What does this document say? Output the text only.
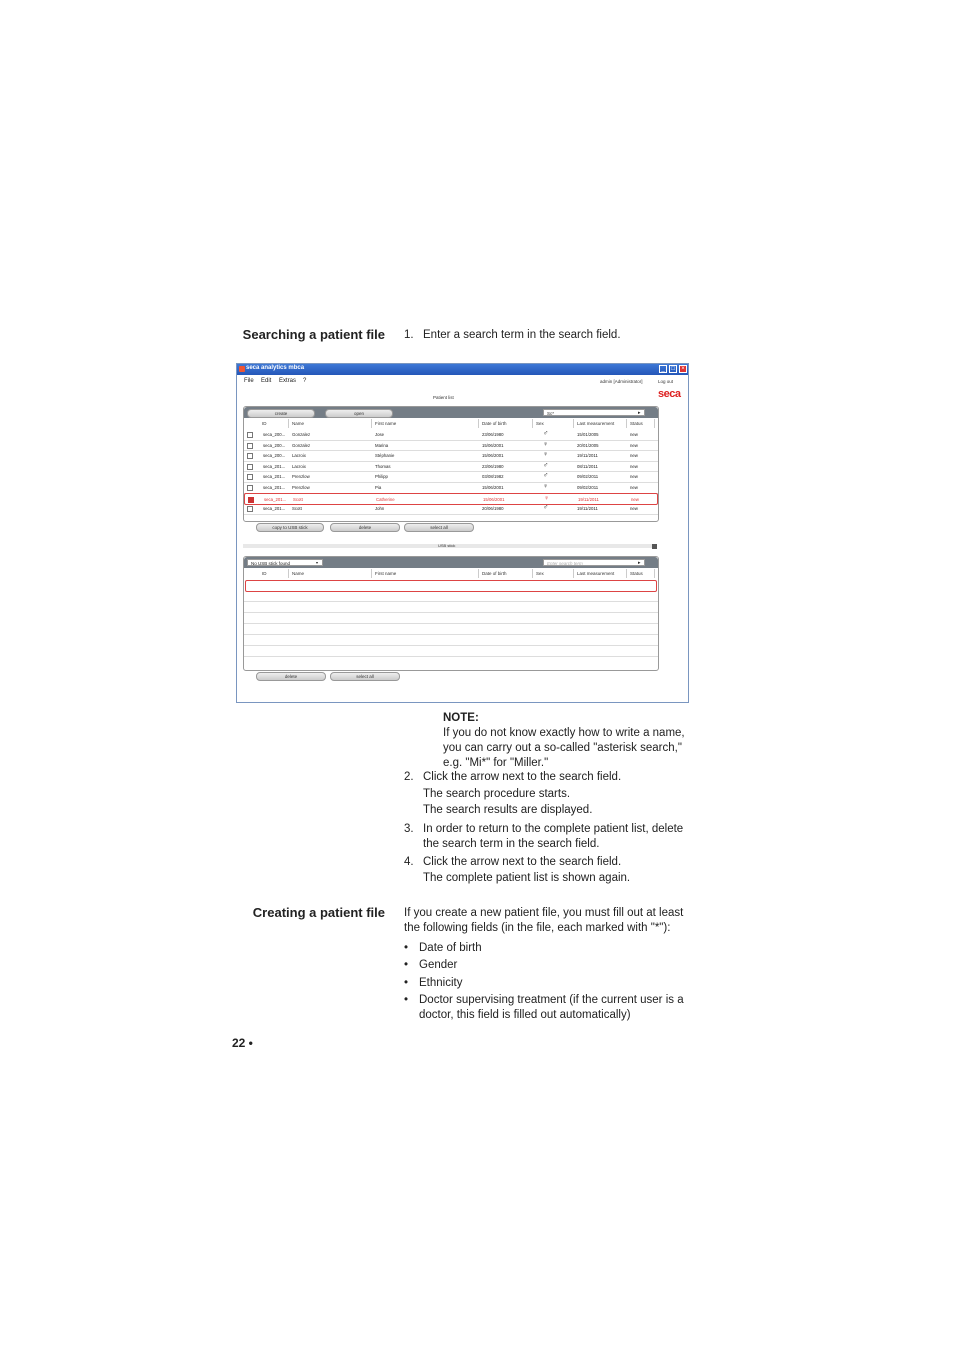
Searching a patient file 1. Enter a search term in the search field.
seca analytics mbca	_	□	×
File Edit Extras ?	admin [Administrator]	Log out
Patient list	seca
create	open	Sc*	▸
ID	Name	First name	Date of birth	Sex	Last measurement	Status
seca_200... Gonzalez	Jose	23/06/1980	♂	15/01/2005	new
seca_200... Gonzalez	Marina	15/06/2001	♀	20/01/2005	new
seca_200... Lacroix	Stéphanie	15/06/2001	♀	19/11/2011	new
seca_201... Lacroix	Thomas	23/06/1980	♂	08/11/2011	new
seca_201... Prenzlow	Philipp	03/08/1982	♂	09/02/2011	new
seca_201... Prenzlow	Pia	15/06/2001	♀	09/02/2011	new
seca_201... Scott	Catherine	15/06/2001	♀	19/11/2011	new
seca_201... Scott	John	20/06/1980	♂	19/11/2011	new
copy to USB stick	delete	select all
USB stick
No USB stick found	▾	Enter search term	▸
ID	Name	First name	Date of birth	Sex	Last measurement	Status
delete	select all
NOTE:
If you do not know exactly how to write a name, you can carry out a so-called "asterisk search," e.g. "Mi*" for "Miller."
2. Click the arrow next to the search field.
The search procedure starts.
The search results are displayed.
3. In order to return to the complete patient list, delete the search term in the search field.
4. Click the arrow next to the search field.
The complete patient list is shown again.
Creating a patient file If you create a new patient file, you must fill out at least the following fields (in the file, each marked with "*"):
• Date of birth
• Gender
• Ethnicity
• Doctor supervising treatment (if the current user is a doctor, this field is filled out automatically)
22 •
